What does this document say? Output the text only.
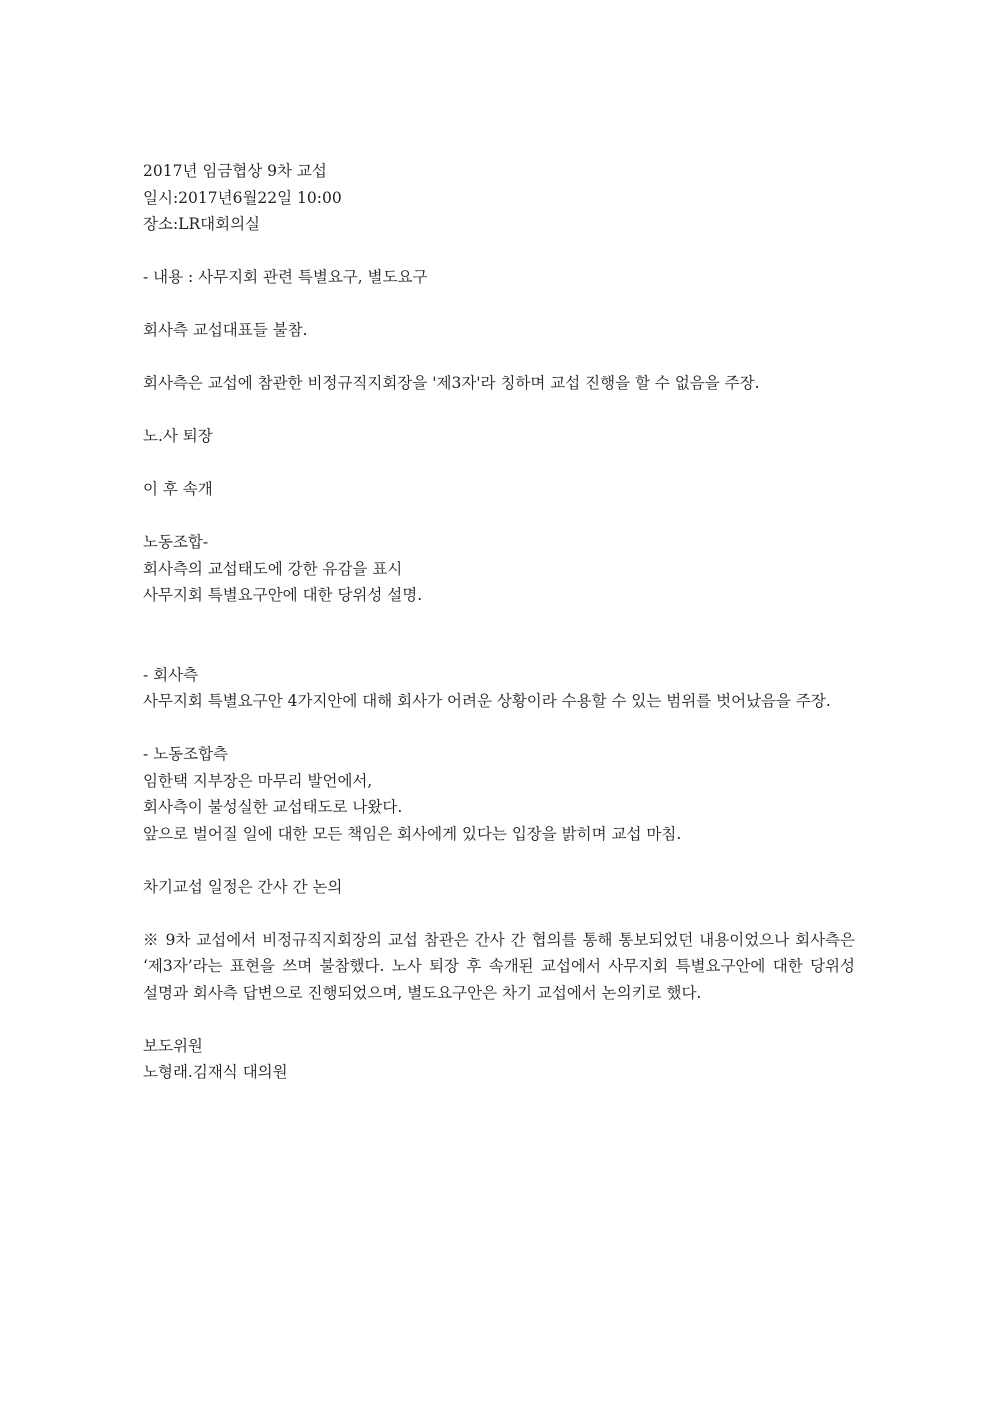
2017년 임금협상 9차 교섭
일시:2017년6월22일 10:00
장소:LR대회의실
- 내용 : 사무지회 관련 특별요구, 별도요구
회사측 교섭대표들 불참.
회사측은 교섭에 참관한 비정규직지회장을 '제3자'라 칭하며 교섭 진행을 할 수 없음을 주장.
노.사 퇴장
이 후 속개
노동조합-
회사측의 교섭태도에 강한 유감을 표시
사무지회 특별요구안에 대한 당위성 설명.
- 회사측
사무지회 특별요구안 4가지안에 대해 회사가 어려운 상황이라 수용할 수 있는 범위를 벗어났음을 주장.
- 노동조합측
임한택 지부장은 마무리 발언에서,
회사측이 불성실한 교섭태도로 나왔다.
앞으로 벌어질 일에 대한 모든 책임은 회사에게 있다는 입장을 밝히며 교섭 마침.
차기교섭 일정은 간사 간 논의
※ 9차 교섭에서 비정규직지회장의 교섭 참관은 간사 간 협의를 통해 통보되었던 내용이었으나 회사측은 ‘제3자’라는 표현을 쓰며 불참했다. 노사 퇴장 후 속개된 교섭에서 사무지회 특별요구안에 대한 당위성 설명과 회사측 답변으로 진행되었으며, 별도요구안은 차기 교섭에서 논의키로 했다.
보도위원
노형래.김재식 대의원
